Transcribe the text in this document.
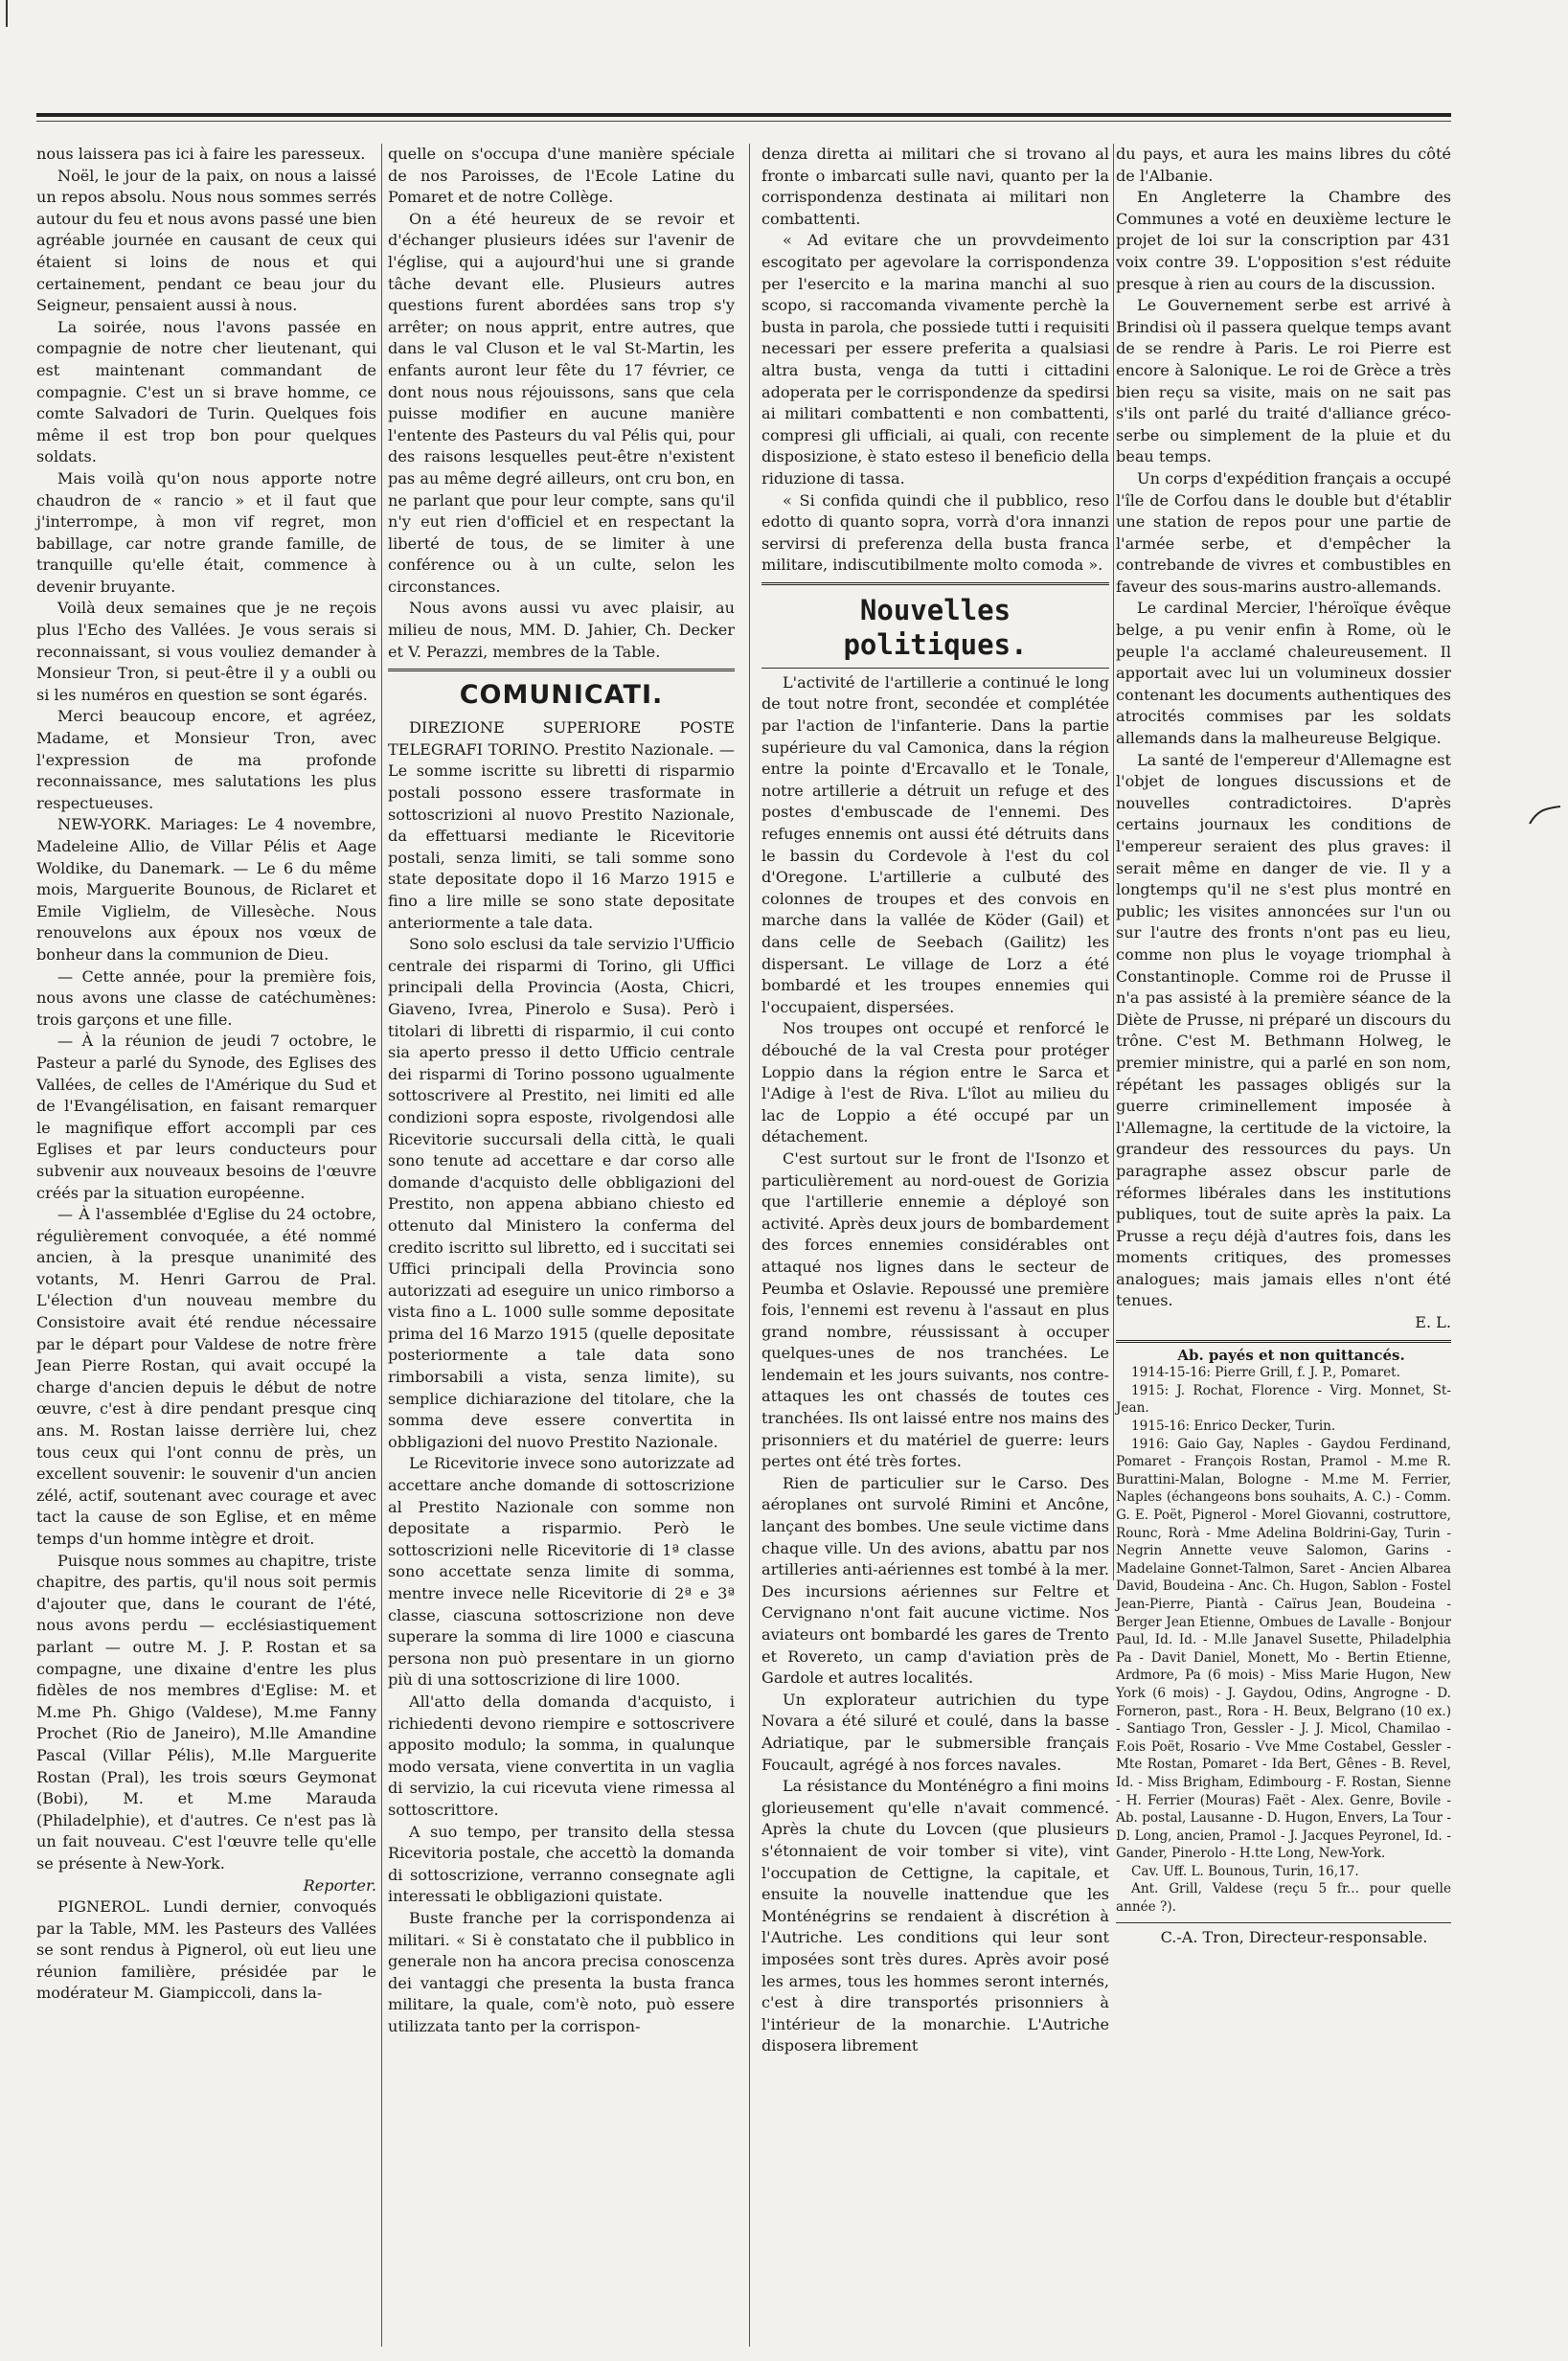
nous laissera pas ici à faire les paresseux.

Noël, le jour de la paix, on nous a laissé un repos absolu. Nous nous sommes serrés autour du feu et nous avons passé une bien agréable journée en causant de ceux qui étaient si loins de nous et qui certainement, pendant ce beau jour du Seigneur, pensaient aussi à nous.

La soirée, nous l'avons passée en compagnie de notre cher lieutenant, qui est maintenant commandant de compagnie. C'est un si brave homme, ce comte Salvadori de Turin. Quelques fois même il est trop bon pour quelques soldats.

Mais voilà qu'on nous apporte notre chaudron de « rancio » et il faut que j'interrompe, à mon vif regret, mon babillage, car notre grande famille, de tranquille qu'elle était, commence à devenir bruyante.

Voilà deux semaines que je ne reçois plus l'Echo des Vallées. Je vous serais si reconnaissant, si vous vouliez demander à Monsieur Tron, si peut-être il y a oubli ou si les numéros en question se sont égarés.

Merci beaucoup encore, et agréez, Madame, et Monsieur Tron, avec l'expression de ma profonde reconnaissance, mes salutations les plus respectueuses.

NEW-YORK. Mariages: Le 4 novembre, Madeleine Allio, de Villar Pélis et Aage Woldike, du Danemark. — Le 6 du même mois, Marguerite Bounous, de Riclaret et Emile Viglielm, de Villesèche. Nous renouvelons aux époux nos vœux de bonheur dans la communion de Dieu.

— Cette année, pour la première fois, nous avons une classe de catéchumènes: trois garçons et une fille.

— À la réunion de jeudi 7 octobre, le Pasteur a parlé du Synode, des Eglises des Vallées, de celles de l'Amérique du Sud et de l'Evangélisation, en faisant remarquer le magnifique effort accompli par ces Eglises et par leurs conducteurs pour subvenir aux nouveaux besoins de l'œuvre créés par la situation européenne.

— À l'assemblée d'Eglise du 24 octobre, régulièrement convoquée, a été nommé ancien, à la presque unanimité des votants, M. Henri Garrou de Pral. L'élection d'un nouveau membre du Consistoire avait été rendue nécessaire par le départ pour Valdese de notre frère Jean Pierre Rostan, qui avait occupé la charge d'ancien depuis le début de notre œuvre, c'est à dire pendant presque cinq ans. M. Rostan laisse derrière lui, chez tous ceux qui l'ont connu de près, un excellent souvenir: le souvenir d'un ancien zélé, actif, soutenant avec courage et avec tact la cause de son Eglise, et en même temps d'un homme intègre et droit.

Puisque nous sommes au chapitre, triste chapitre, des partis, qu'il nous soit permis d'ajouter que, dans le courant de l'été, nous avons perdu — ecclésiastiquement parlant — outre M. J. P. Rostan et sa compagne, une dixaine d'entre les plus fidèles de nos membres d'Eglise: M. et M.me Ph. Ghigo (Valdese), M.me Fanny Prochet (Rio de Janeiro), M.lle Amandine Pascal (Villar Pélis), M.lle Marguerite Rostan (Pral), les trois sœurs Geymonat (Bobi), M. et M.me Marauda (Philadelphie), et d'autres. Ce n'est pas là un fait nouveau. C'est l'œuvre telle qu'elle se présente à New-York.

Reporter.

PIGNEROL. Lundi dernier, convoqués par la Table, MM. les Pasteurs des Vallées se sont rendus à Pignerol, où eut lieu une réunion familière, présidée par le modérateur M. Giampiccoli, dans la-

quelle on s'occupa d'une manière spéciale de nos Paroisses, de l'Ecole Latine du Pomaret et de notre Collège.

On a été heureux de se revoir et d'échanger plusieurs idées sur l'avenir de l'église, qui a aujourd'hui une si grande tâche devant elle. Plusieurs autres questions furent abordées sans trop s'y arrêter; on nous apprit, entre autres, que dans le val Cluson et le val St-Martin, les enfants auront leur fête du 17 février, ce dont nous nous réjouissons, sans que cela puisse modifier en aucune manière l'entente des Pasteurs du val Pélis qui, pour des raisons lesquelles peut-être n'existent pas au même degré ailleurs, ont cru bon, en ne parlant que pour leur compte, sans qu'il n'y eut rien d'officiel et en respectant la liberté de tous, de se limiter à une conférence ou à un culte, selon les circonstances.

Nous avons aussi vu avec plaisir, au milieu de nous, MM. D. Jahier, Ch. Decker et V. Perazzi, membres de la Table.

COMUNICATI.

DIREZIONE SUPERIORE POSTE TELEGRAFI TORINO. Prestito Nazionale. — Le somme iscritte su libretti di risparmio postali possono essere trasformate in sottoscrizioni al nuovo Prestito Nazionale, da effettuarsi mediante le Ricevitorie postali, senza limiti, se tali somme sono state depositate dopo il 16 Marzo 1915 e fino a lire mille se sono state depositate anteriormente a tale data.

Sono solo esclusi da tale servizio l'Ufficio centrale dei risparmi di Torino, gli Uffici principali della Provincia (Aosta, Chicri, Giaveno, Ivrea, Pinerolo e Susa). Però i titolari di libretti di risparmio, il cui conto sia aperto presso il detto Ufficio centrale dei risparmi di Torino possono ugualmente sottoscrivere al Prestito, nei limiti ed alle condizioni sopra esposte, rivolgendosi alle Ricevitorie succursali della città, le quali sono tenute ad accettare e dar corso alle domande d'acquisto delle obbligazioni del Prestito, non appena abbiano chiesto ed ottenuto dal Ministero la conferma del credito iscritto sul libretto, ed i succitati sei Uffici principali della Provincia sono autorizzati ad eseguire un unico rimborso a vista fino a L. 1000 sulle somme depositate prima del 16 Marzo 1915 (quelle depositate posteriormente a tale data sono rimborsabili a vista, senza limite), su semplice dichiarazione del titolare, che la somma deve essere convertita in obbligazioni del nuovo Prestito Nazionale.

Le Ricevitorie invece sono autorizzate ad accettare anche domande di sottoscrizione al Prestito Nazionale con somme non depositate a risparmio. Però le sottoscrizioni nelle Ricevitorie di 1ª classe sono accettate senza limite di somma, mentre invece nelle Ricevitorie di 2ª e 3ª classe, ciascuna sottoscrizione non deve superare la somma di lire 1000 e ciascuna persona non può presentare in un giorno più di una sottoscrizione di lire 1000.

All'atto della domanda d'acquisto, i richiedenti devono riempire e sottoscrivere apposito modulo; la somma, in qualunque modo versata, viene convertita in un vaglia di servizio, la cui ricevuta viene rimessa al sottoscrittore.

A suo tempo, per transito della stessa Ricevitoria postale, che accettò la domanda di sottoscrizione, verranno consegnate agli interessati le obbligazioni quistate.

Buste franche per la corrispondenza ai militari. « Si è constatato che il pubblico in generale non ha ancora precisa conoscenza dei vantaggi che presenta la busta franca militare, la quale, com'è noto, può essere utilizzata tanto per la corrispon-

denza diretta ai militari che si trovano al fronte o imbarcati sulle navi, quanto per la corrispondenza destinata ai militari non combattenti.

« Ad evitare che un provvdeimento escogitato per agevolare la corrispondenza per l'esercito e la marina manchi al suo scopo, si raccomanda vivamente perchè la busta in parola, che possiede tutti i requisiti necessari per essere preferita a qualsiasi altra busta, venga da tutti i cittadini adoperata per le corrispondenze da spedirsi ai militari combattenti e non combattenti, compresi gli ufficiali, ai quali, con recente disposizione, è stato esteso il beneficio della riduzione di tassa.

« Si confida quindi che il pubblico, reso edotto di quanto sopra, vorrà d'ora innanzi servirsi di preferenza della busta franca militare, indiscutibilmente molto comoda ».

Nouvelles politiques.

L'activité de l'artillerie a continué le long de tout notre front, secondée et complétée par l'action de l'infanterie. Dans la partie supérieure du val Camonica, dans la région entre la pointe d'Ercavallo et le Tonale, notre artillerie a détruit un refuge et des postes d'embuscade de l'ennemi. Des refuges ennemis ont aussi été détruits dans le bassin du Cordevole à l'est du col d'Oregone. L'artillerie a culbuté des colonnes de troupes et des convois en marche dans la vallée de Köder (Gail) et dans celle de Seebach (Gailitz) les dispersant. Le village de Lorz a été bombardé et les troupes ennemies qui l'occupaient, dispersées.

Nos troupes ont occupé et renforcé le débouché de la val Cresta pour protéger Loppio dans la région entre le Sarca et l'Adige à l'est de Riva. L'îlot au milieu du lac de Loppio a été occupé par un détachement.

C'est surtout sur le front de l'Isonzo et particulièrement au nord-ouest de Gorizia que l'artillerie ennemie a déployé son activité. Après deux jours de bombardement des forces ennemies considérables ont attaqué nos lignes dans le secteur de Peumba et Oslavie. Repoussé une première fois, l'ennemi est revenu à l'assaut en plus grand nombre, réussissant à occuper quelques-unes de nos tranchées. Le lendemain et les jours suivants, nos contre-attaques les ont chassés de toutes ces tranchées. Ils ont laissé entre nos mains des prisonniers et du matériel de guerre: leurs pertes ont été très fortes.

Rien de particulier sur le Carso. Des aéroplanes ont survolé Rimini et Ancône, lançant des bombes. Une seule victime dans chaque ville. Un des avions, abattu par nos artilleries anti-aériennes est tombé à la mer. Des incursions aériennes sur Feltre et Cervignano n'ont fait aucune victime. Nos aviateurs ont bombardé les gares de Trento et Rovereto, un camp d'aviation près de Gardole et autres localités.

Un explorateur autrichien du type Novara a été siluré et coulé, dans la basse Adriatique, par le submersible français Foucault, agrégé à nos forces navales.

La résistance du Monténégro a fini moins glorieusement qu'elle n'avait commencé. Après la chute du Lovcen (que plusieurs s'étonnaient de voir tomber si vite), vint l'occupation de Cettigne, la capitale, et ensuite la nouvelle inattendue que les Monténégrins se rendaient à discrétion à l'Autriche. Les conditions qui leur sont imposées sont très dures. Après avoir posé les armes, tous les hommes seront internés, c'est à dire transportés prisonniers à l'intérieur de la monarchie. L'Autriche disposera librement

du pays, et aura les mains libres du côté de l'Albanie.

En Angleterre la Chambre des Communes a voté en deuxième lecture le projet de loi sur la conscription par 431 voix contre 39. L'opposition s'est réduite presque à rien au cours de la discussion.

Le Gouvernement serbe est arrivé à Brindisi où il passera quelque temps avant de se rendre à Paris. Le roi Pierre est encore à Salonique. Le roi de Grèce a très bien reçu sa visite, mais on ne sait pas s'ils ont parlé du traité d'alliance gréco-serbe ou simplement de la pluie et du beau temps.

Un corps d'expédition français a occupé l'île de Corfou dans le double but d'établir une station de repos pour une partie de l'armée serbe, et d'empêcher la contrebande de vivres et combustibles en faveur des sous-marins austro-allemands.

Le cardinal Mercier, l'héroïque évêque belge, a pu venir enfin à Rome, où le peuple l'a acclamé chaleureusement. Il apportait avec lui un volumineux dossier contenant les documents authentiques des atrocités commises par les soldats allemands dans la malheureuse Belgique.

La santé de l'empereur d'Allemagne est l'objet de longues discussions et de nouvelles contradictoires. D'après certains journaux les conditions de l'empereur seraient des plus graves: il serait même en danger de vie. Il y a longtemps qu'il ne s'est plus montré en public; les visites annoncées sur l'un ou sur l'autre des fronts n'ont pas eu lieu, comme non plus le voyage triomphal à Constantinople. Comme roi de Prusse il n'a pas assisté à la première séance de la Diète de Prusse, ni préparé un discours du trône. C'est M. Bethmann Holweg, le premier ministre, qui a parlé en son nom, répétant les passages obligés sur la guerre criminellement imposée à l'Allemagne, la certitude de la victoire, la grandeur des ressources du pays. Un paragraphe assez obscur parle de réformes libérales dans les institutions publiques, tout de suite après la paix. La Prusse a reçu déjà d'autres fois, dans les moments critiques, des promesses analogues; mais jamais elles n'ont été tenues.

E. L.

Ab. payés et non quittancés.

1914-15-16: Pierre Grill, f. J. P., Pomaret.

1915: J. Rochat, Florence - Virg. Monnet, St-Jean.

1915-16: Enrico Decker, Turin.

1916: Gaio Gay, Naples - Gaydou Ferdinand, Pomaret - François Rostan, Pramol - M.me R. Burattini-Malan, Bologne - M.me M. Ferrier, Naples (échangeons bons souhaits, A. C.) - Comm. G. E. Poët, Pignerol - Morel Giovanni, costruttore, Rounc, Rorà - Mme Adelina Boldrini-Gay, Turin - Negrin Annette veuve Salomon, Garins - Madelaine Gonnet-Talmon, Saret - Ancien Albarea David, Boudeina - Anc. Ch. Hugon, Sablon - Fostel Jean-Pierre, Piantà - Caïrus Jean, Boudeina - Berger Jean Etienne, Ombues de Lavalle - Bonjour Paul, Id. Id. - M.lle Janavel Susette, Philadelphia Pa - Davit Daniel, Monett, Mo - Bertin Etienne, Ardmore, Pa (6 mois) - Miss Marie Hugon, New York (6 mois) - J. Gaydou, Odins, Angrogne - D. Forneron, past., Rora - H. Beux, Belgrano (10 ex.) - Santiago Tron, Gessler - J. J. Micol, Chamilao - F.ois Poët, Rosario - Vve Mme Costabel, Gessler - Mte Rostan, Pomaret - Ida Bert, Gênes - B. Revel, Id. - Miss Brigham, Edimbourg - F. Rostan, Sienne - H. Ferrier (Mouras) Faët - Alex. Genre, Bovile - Ab. postal, Lausanne - D. Hugon, Envers, La Tour - D. Long, ancien, Pramol - J. Jacques Peyronel, Id. - Gander, Pinerolo - H.tte Long, New-York.

Cav. Uff. L. Bounous, Turin, 16,17.

Ant. Grill, Valdese (reçu 5 fr... pour quelle année ?).

C.-A. Tron, Directeur-responsable.
